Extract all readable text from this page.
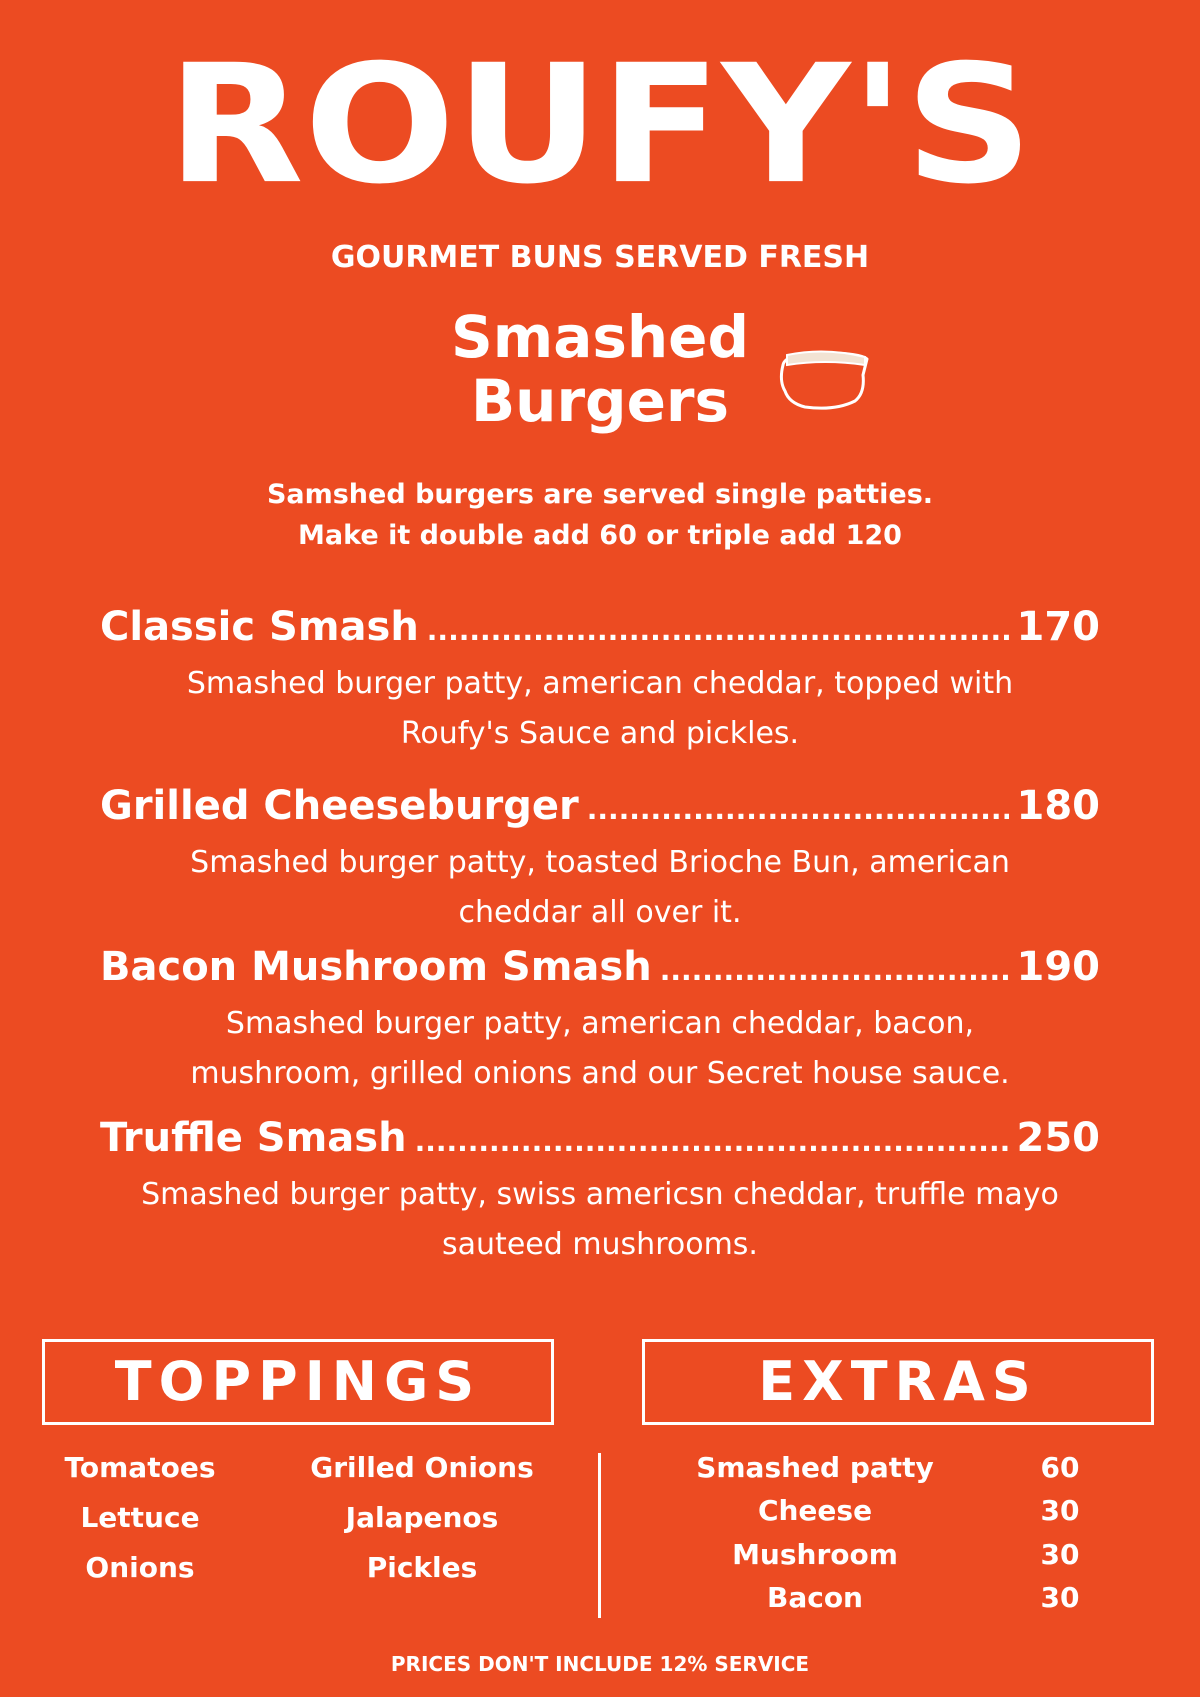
ROUFY'S
GOURMET BUNS SERVED FRESH
Smashed
Burgers
Samshed burgers are served single patties.
Make it double add 60 or triple add 120
Classic Smash .....	170
Smashed burger patty, american cheddar, topped with
Roufy's Sauce and pickles.
Grilled Cheeseburger .....	180
Smashed burger patty, toasted Brioche Bun, american
cheddar all over it.
Bacon Mushroom Smash .....	190
Smashed burger patty, american cheddar, bacon,
mushroom, grilled onions and our Secret house sauce.
Truffle Smash .....	250
Smashed burger patty, swiss americsn cheddar, truffle mayo
sauteed mushrooms.
TOPPINGS	EXTRAS
Tomatoes
Lettuce
Onions
Grilled Onions
Jalapenos
Pickles
Smashed patty	60
Cheese	30
Mushroom	30
Bacon	30
PRICES DON'T INCLUDE 12% SERVICE
